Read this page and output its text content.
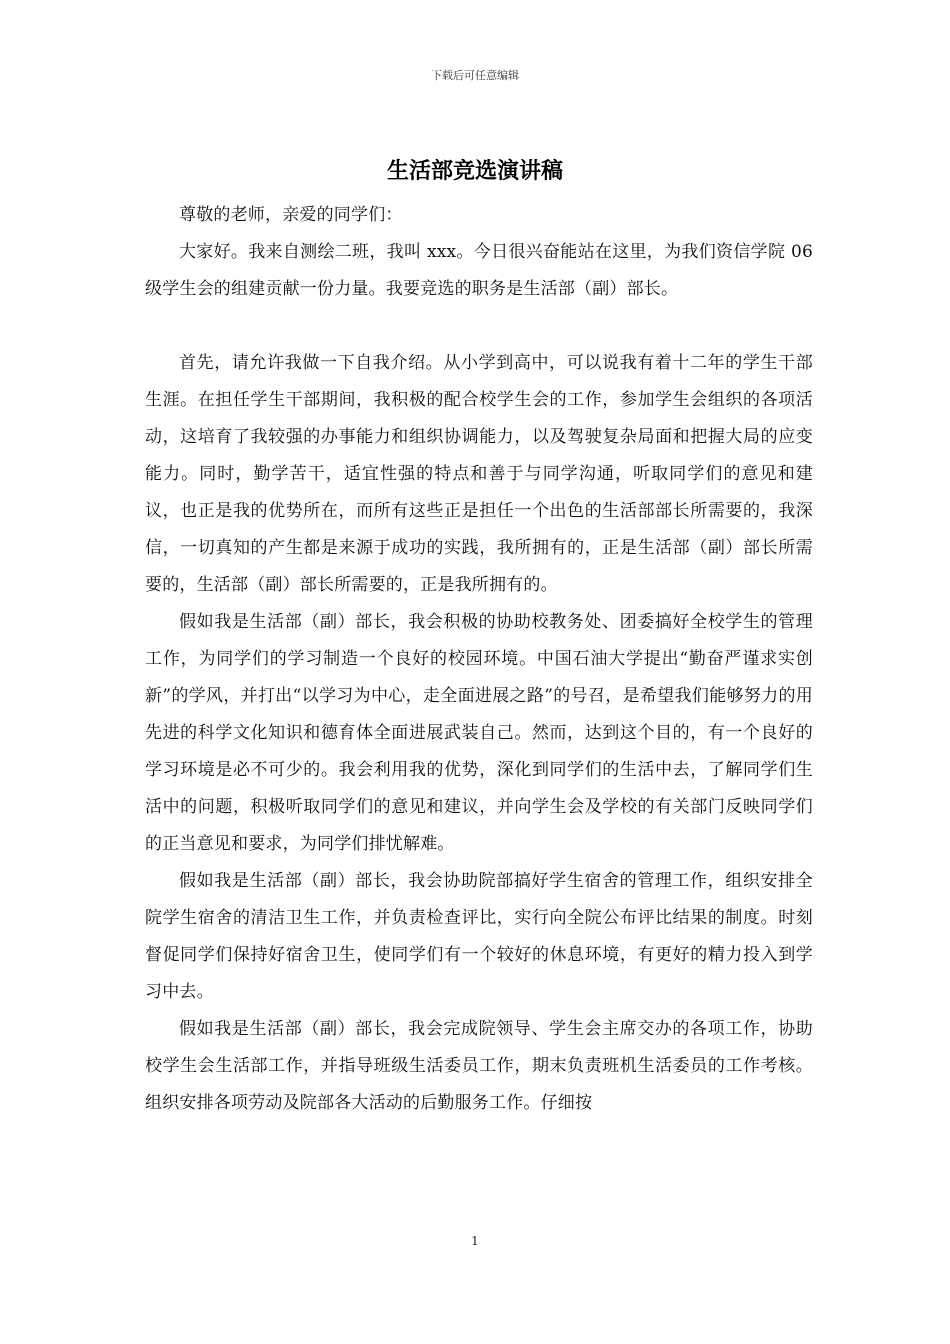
下载后可任意编辑
生活部竞选演讲稿

尊敬的老师，亲爱的同学们：

大家好。我来自测绘二班，我叫 xxx。今日很兴奋能站在这里，为我们资信学院 06 级学生会的组建贡献一份力量。我要竞选的职务是生活部（副）部长。

首先，请允许我做一下自我介绍。从小学到高中，可以说我有着十二年的学生干部生涯。在担任学生干部期间，我积极的配合校学生会的工作，参加学生会组织的各项活动，这培育了我较强的办事能力和组织协调能力，以及驾驶复杂局面和把握大局的应变能力。同时，勤学苦干，适宜性强的特点和善于与同学沟通，听取同学们的意见和建议，也正是我的优势所在，而所有这些正是担任一个出色的生活部部长所需要的，我深信，一切真知的产生都是来源于成功的实践，我所拥有的，正是生活部（副）部长所需要的，生活部（副）部长所需要的，正是我所拥有的。

假如我是生活部（副）部长，我会积极的协助校教务处、团委搞好全校学生的管理工作，为同学们的学习制造一个良好的校园环境。中国石油大学提出“勤奋严谨求实创新”的学风，并打出“以学习为中心，走全面进展之路”的号召，是希望我们能够努力的用先进的科学文化知识和德育体全面进展武装自己。然而，达到这个目的，有一个良好的学习环境是必不可少的。我会利用我的优势，深化到同学们的生活中去，了解同学们生活中的问题，积极听取同学们的意见和建议，并向学生会及学校的有关部门反映同学们的正当意见和要求，为同学们排忧解难。

假如我是生活部（副）部长，我会协助院部搞好学生宿舍的管理工作，组织安排全院学生宿舍的清洁卫生工作，并负责检查评比，实行向全院公布评比结果的制度。时刻督促同学们保持好宿舍卫生，使同学们有一个较好的休息环境，有更好的精力投入到学习中去。

假如我是生活部（副）部长，我会完成院领导、学生会主席交办的各项工作，协助校学生会生活部工作，并指导班级生活委员工作，期末负责班机生活委员的工作考核。组织安排各项劳动及院部各大活动的后勤服务工作。仔细按

1
